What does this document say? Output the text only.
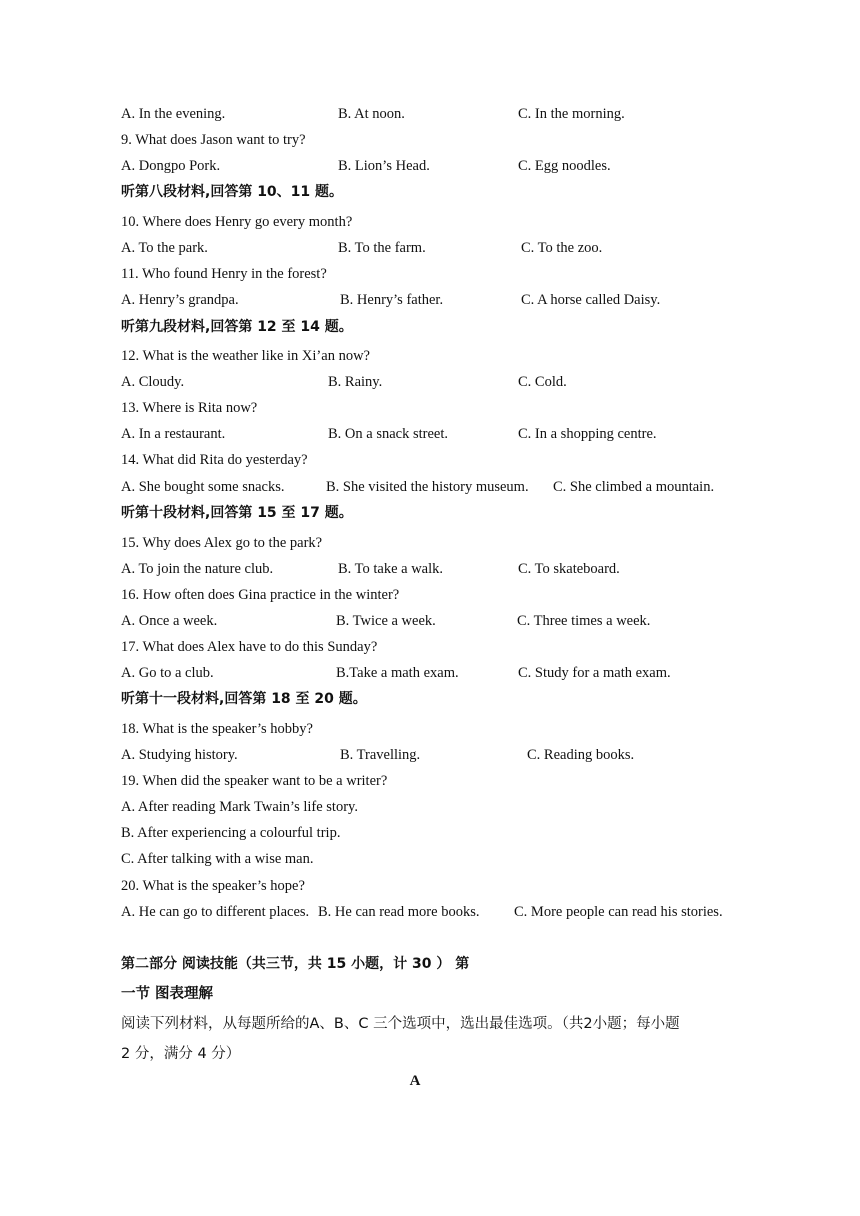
A. In the evening.	B. At noon.	C. In the morning.
9. What does Jason want to try?
A. Dongpo Pork.	B. Lion’s Head.	C. Egg noodles.
听第八段材料,回答第 10、11 题。
10. Where does Henry go every month?
A. To the park.	B. To the farm.	C. To the zoo.
11. Who found Henry in the forest?
A. Henry’s grandpa.	B. Henry’s father.	C. A horse called Daisy.
听第九段材料,回答第 12 至 14 题。
12. What is the weather like in Xi’an now?
A. Cloudy.	B. Rainy.	C. Cold.
13. Where is Rita now?
A. In a restaurant.	B. On a snack street.	C. In a shopping centre.
14. What did Rita do yesterday?
A. She bought some snacks.	B. She visited the history museum. C. She climbed a mountain.
听第十段材料,回答第 15 至 17 题。
15. Why does Alex go to the park?
A. To join the nature club.	B. To take a walk.	C. To skateboard.
16. How often does Gina practice in the winter?
A. Once a week.	B. Twice a week.	C. Three times a week.
17. What does Alex have to do this Sunday?
A. Go to a club.	B.Take a math exam.	C. Study for a math exam.
听第十一段材料,回答第 18 至 20 题。
18. What is the speaker’s hobby?
A. Studying history.	B. Travelling.	C. Reading books.
19. When did the speaker want to be a writer?
A. After reading Mark Twain’s life story.
B. After experiencing a colourful trip.
C. After talking with a wise man.
20. What is the speaker’s hope?
A. He can go to different places. B. He can read more books. C. More people can read his stories.
第二部分 阅读技能（共三节，共 15 小题，计 30 ） 第
一节 图表理解
阅读下列材料，从每题所给的A、B、C 三个选项中，选出最佳选项。（共2小题；每小题
2 分，满分 4 分）
A
